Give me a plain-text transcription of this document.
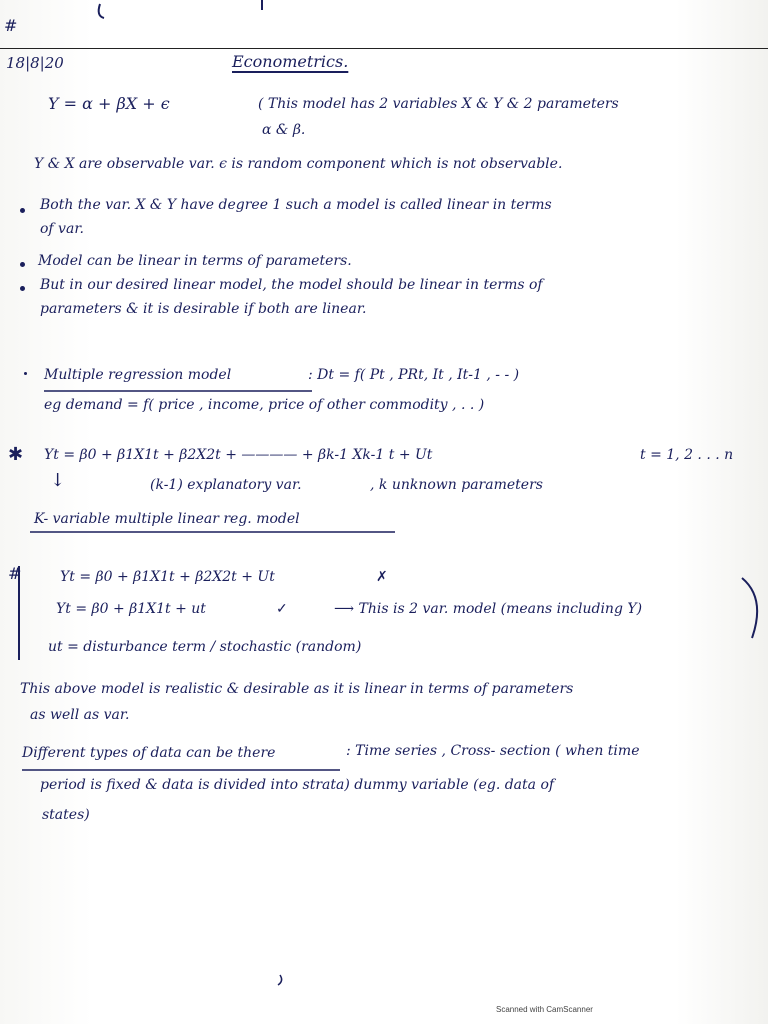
#
18|8|20	Econometrics.
Y = α + βX + ϵ	( This model has 2 variables X & Y & 2 parameters
α & β.
Y & X are observable var. ϵ is random component which is not observable.
Both the var. X & Y have degree 1 such a model is called linear in terms
of var.
Model can be linear in terms of parameters.
But in our desired linear model, the model should be linear in terms of
parameters & it is desirable if both are linear.
Multiple regression model	: Dt = f( Pt , PRt, It , It-1 , - - )
eg demand = f( price , income, price of other commodity , . . )
✱ Yt = β0 + β1X1t + β2X2t + ———— + βk-1 Xk-1 t + Ut	t = 1, 2 . . . n
↓	(k-1) explanatory var.	, k unknown parameters
K- variable multiple linear reg. model
#	Yt = β0 + β1X1t + β2X2t + Ut	✗
Yt = β0 + β1X1t + ut	✓	⟶ This is 2 var. model (means including Y)
ut = disturbance term / stochastic (random)
This above model is realistic & desirable as it is linear in terms of parameters
as well as var.
Different types of data can be there	: Time series , Cross- section ( when time
period is fixed & data is divided into strata) dummy variable (eg. data of
states)
Scanned with CamScanner
